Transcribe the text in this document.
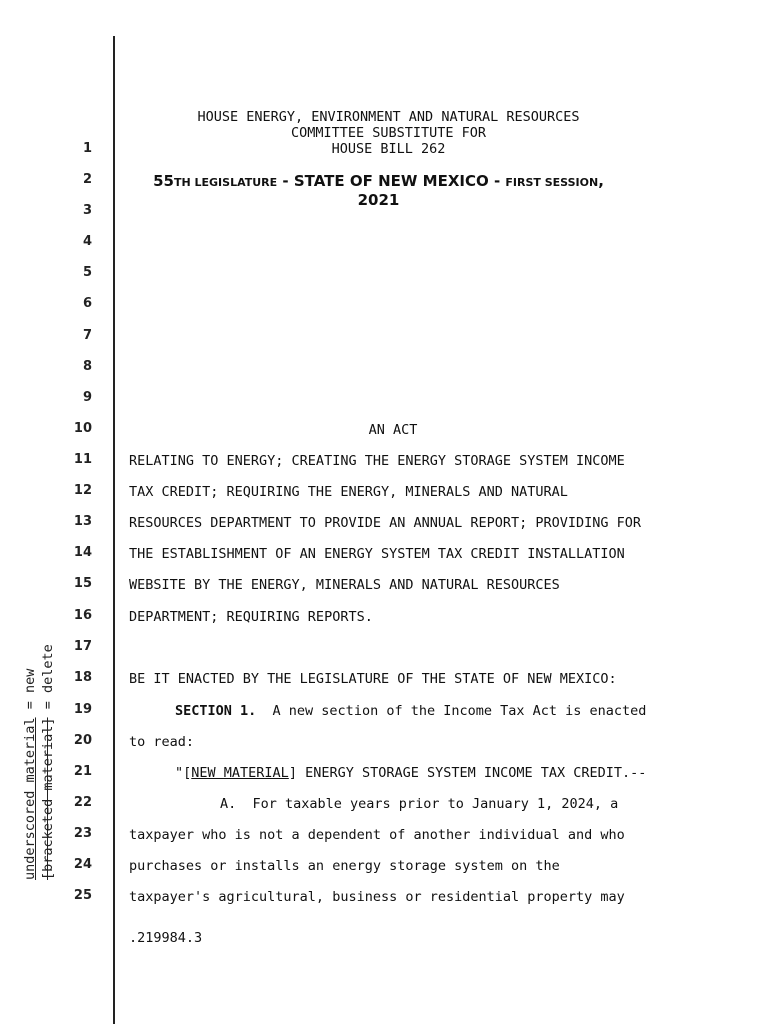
underscored material = new
[bracketed material] = delete
1
2
3
4
5
6
7
8
9
10
11
12
13
14
15
16
17
18
19
20
21
22
23
24
25
HOUSE ENERGY, ENVIRONMENT AND NATURAL RESOURCES
COMMITTEE SUBSTITUTE FOR
HOUSE BILL 262
55TH LEGISLATURE - STATE OF NEW MEXICO - FIRST SESSION, 2021
AN ACT
RELATING TO ENERGY; CREATING THE ENERGY STORAGE SYSTEM INCOME
TAX CREDIT; REQUIRING THE ENERGY, MINERALS AND NATURAL
RESOURCES DEPARTMENT TO PROVIDE AN ANNUAL REPORT; PROVIDING FOR
THE ESTABLISHMENT OF AN ENERGY SYSTEM TAX CREDIT INSTALLATION
WEBSITE BY THE ENERGY, MINERALS AND NATURAL RESOURCES
DEPARTMENT; REQUIRING REPORTS.
BE IT ENACTED BY THE LEGISLATURE OF THE STATE OF NEW MEXICO:
SECTION 1.  A new section of the Income Tax Act is enacted
to read:
"[NEW MATERIAL] ENERGY STORAGE SYSTEM INCOME TAX CREDIT.--
A.  For taxable years prior to January 1, 2024, a
taxpayer who is not a dependent of another individual and who
purchases or installs an energy storage system on the
taxpayer's agricultural, business or residential property may
.219984.3
